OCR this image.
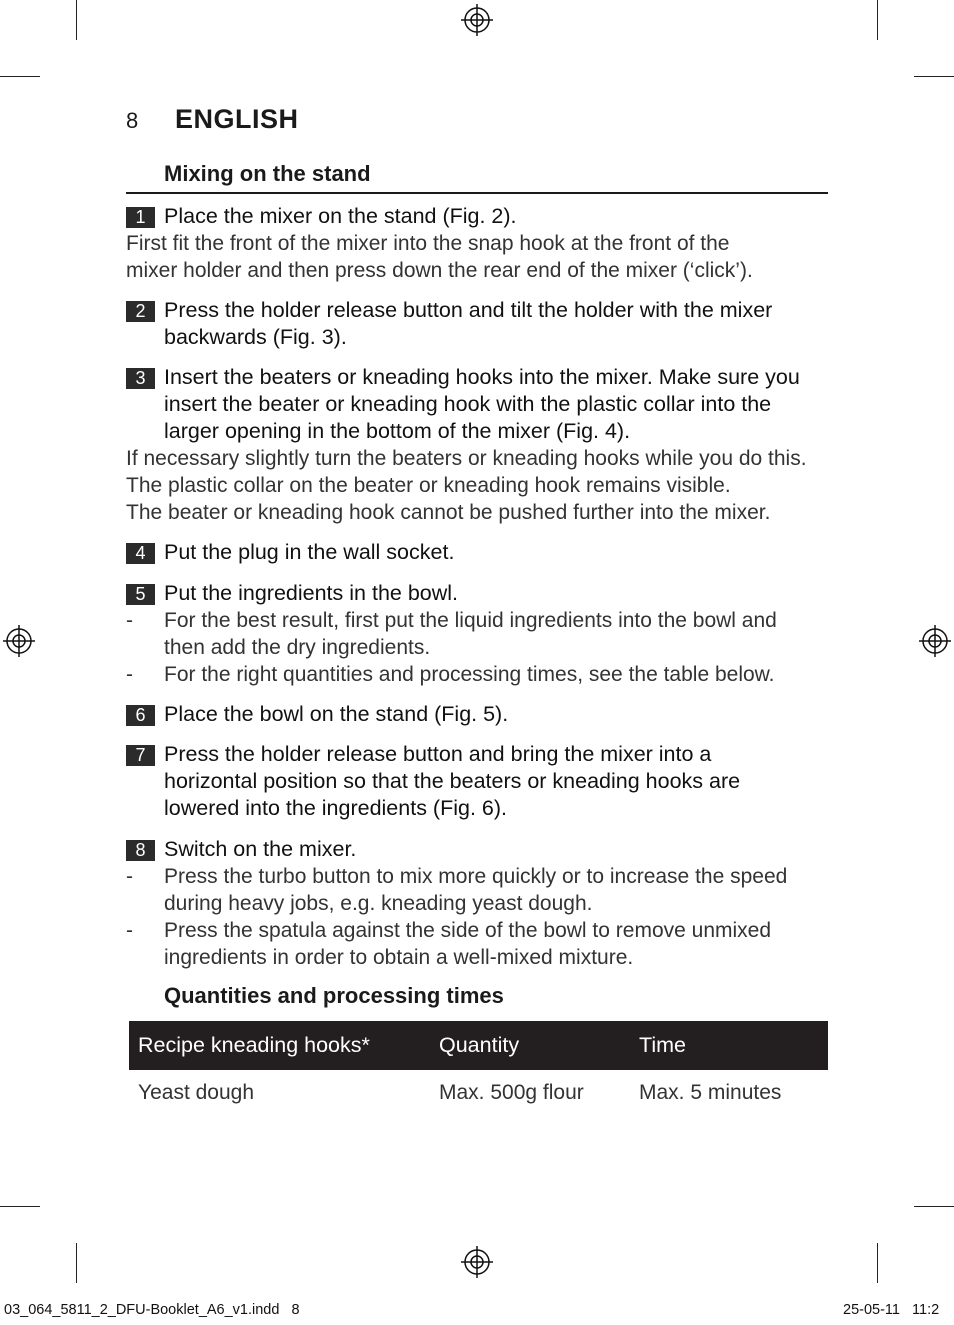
8 ENGLISH
Mixing on the stand
1 Place the mixer on the stand (Fig. 2).
First fit the front of the mixer into the snap hook at the front of the
mixer holder and then press down the rear end of the mixer (‘click’).
2 Press the holder release button and tilt the holder with the mixer
backwards (Fig. 3).
3 Insert the beaters or kneading hooks into the mixer. Make sure you
insert the beater or kneading hook with the plastic collar into the
larger opening in the bottom of the mixer (Fig. 4).
If necessary slightly turn the beaters or kneading hooks while you do this.
The plastic collar on the beater or kneading hook remains visible.
The beater or kneading hook cannot be pushed further into the mixer.
4 Put the plug in the wall socket.
5 Put the ingredients in the bowl.
- For the best result, first put the liquid ingredients into the bowl and
then add the dry ingredients.
- For the right quantities and processing times, see the table below.
6 Place the bowl on the stand (Fig. 5).
7 Press the holder release button and bring the mixer into a
horizontal position so that the beaters or kneading hooks are
lowered into the ingredients (Fig. 6).
8 Switch on the mixer.
- Press the turbo button to mix more quickly or to increase the speed
during heavy jobs, e.g. kneading yeast dough.
- Press the spatula against the side of the bowl to remove unmixed
ingredients in order to obtain a well-mixed mixture.
Quantities and processing times
Recipe kneading hooks*	Quantity	Time
Yeast dough	Max. 500g flour	Max. 5 minutes
03_064_5811_2_DFU-Booklet_A6_v1.indd   8	25-05-11   11:2
